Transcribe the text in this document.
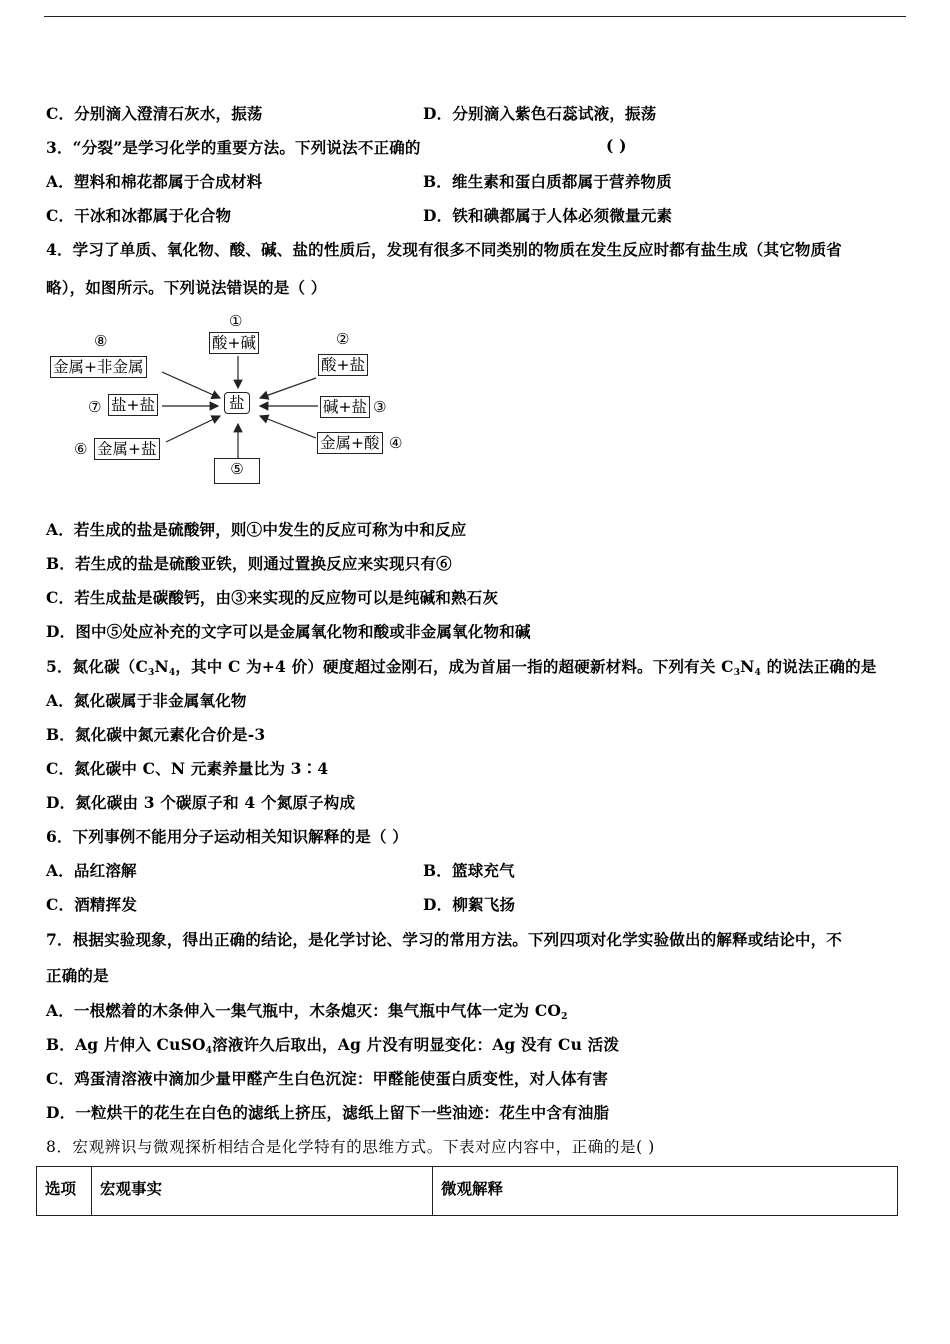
C．分别滴入澄清石灰水，振荡	D．分别滴入紫色石蕊试液，振荡
3．“分裂”是学习化学的重要方法。下列说法不正确的	( )
A．塑料和棉花都属于合成材料	B．维生素和蛋白质都属于营养物质
C．干冰和冰都属于化合物	D．铁和碘都属于人体必须微量元素
4．学习了单质、氧化物、酸、碱、盐的性质后，发现有很多不同类别的物质在发生反应时都有盐生成（其它物质省
略），如图所示。下列说法错误的是（ ）
盐
①
酸+碱	②
酸+盐
碱+盐 ③
金属+酸 ④
⑤
⑥ 金属+盐
⑦ 盐+盐
⑧
金属+非金属
A．若生成的盐是硫酸钾，则①中发生的反应可称为中和反应
B．若生成的盐是硫酸亚铁，则通过置换反应来实现只有⑥
C．若生成盐是碳酸钙，由③来实现的反应物可以是纯碱和熟石灰
D．图中⑤处应补充的文字可以是金属氧化物和酸或非金属氧化物和碱
5．氮化碳（$C_3N_4$，其中 C 为+4 价）硬度超过金刚石，成为首届一指的超硬新材料。下列有关 $C_3N_4$ 的说法正确的是
A．氮化碳属于非金属氧化物
B．氮化碳中氮元素化合价是-3
C．氮化碳中 C、N 元素养量比为 3∶4
D．氮化碳由 3 个碳原子和 4 个氮原子构成
6．下列事例不能用分子运动相关知识解释的是（ ）
A．品红溶解	B．篮球充气
C．酒精挥发	D．柳絮飞扬
7．根据实验现象，得出正确的结论，是化学讨论、学习的常用方法。下列四项对化学实验做出的解释或结论中，不
正确的是
A．一根燃着的木条伸入一集气瓶中，木条熄灭：集气瓶中气体一定为 $CO_2$
B．Ag 片伸入 CuSO$_4$溶液许久后取出，Ag 片没有明显变化：Ag 没有 Cu 活泼
C．鸡蛋清溶液中滴加少量甲醛产生白色沉淀：甲醛能使蛋白质变性，对人体有害
D．一粒烘干的花生在白色的滤纸上挤压，滤纸上留下一些油迹：花生中含有油脂
8．宏观辨识与微观探析相结合是化学特有的思维方式。下表对应内容中，正确的是( )
选项	宏观事实	微观解释
